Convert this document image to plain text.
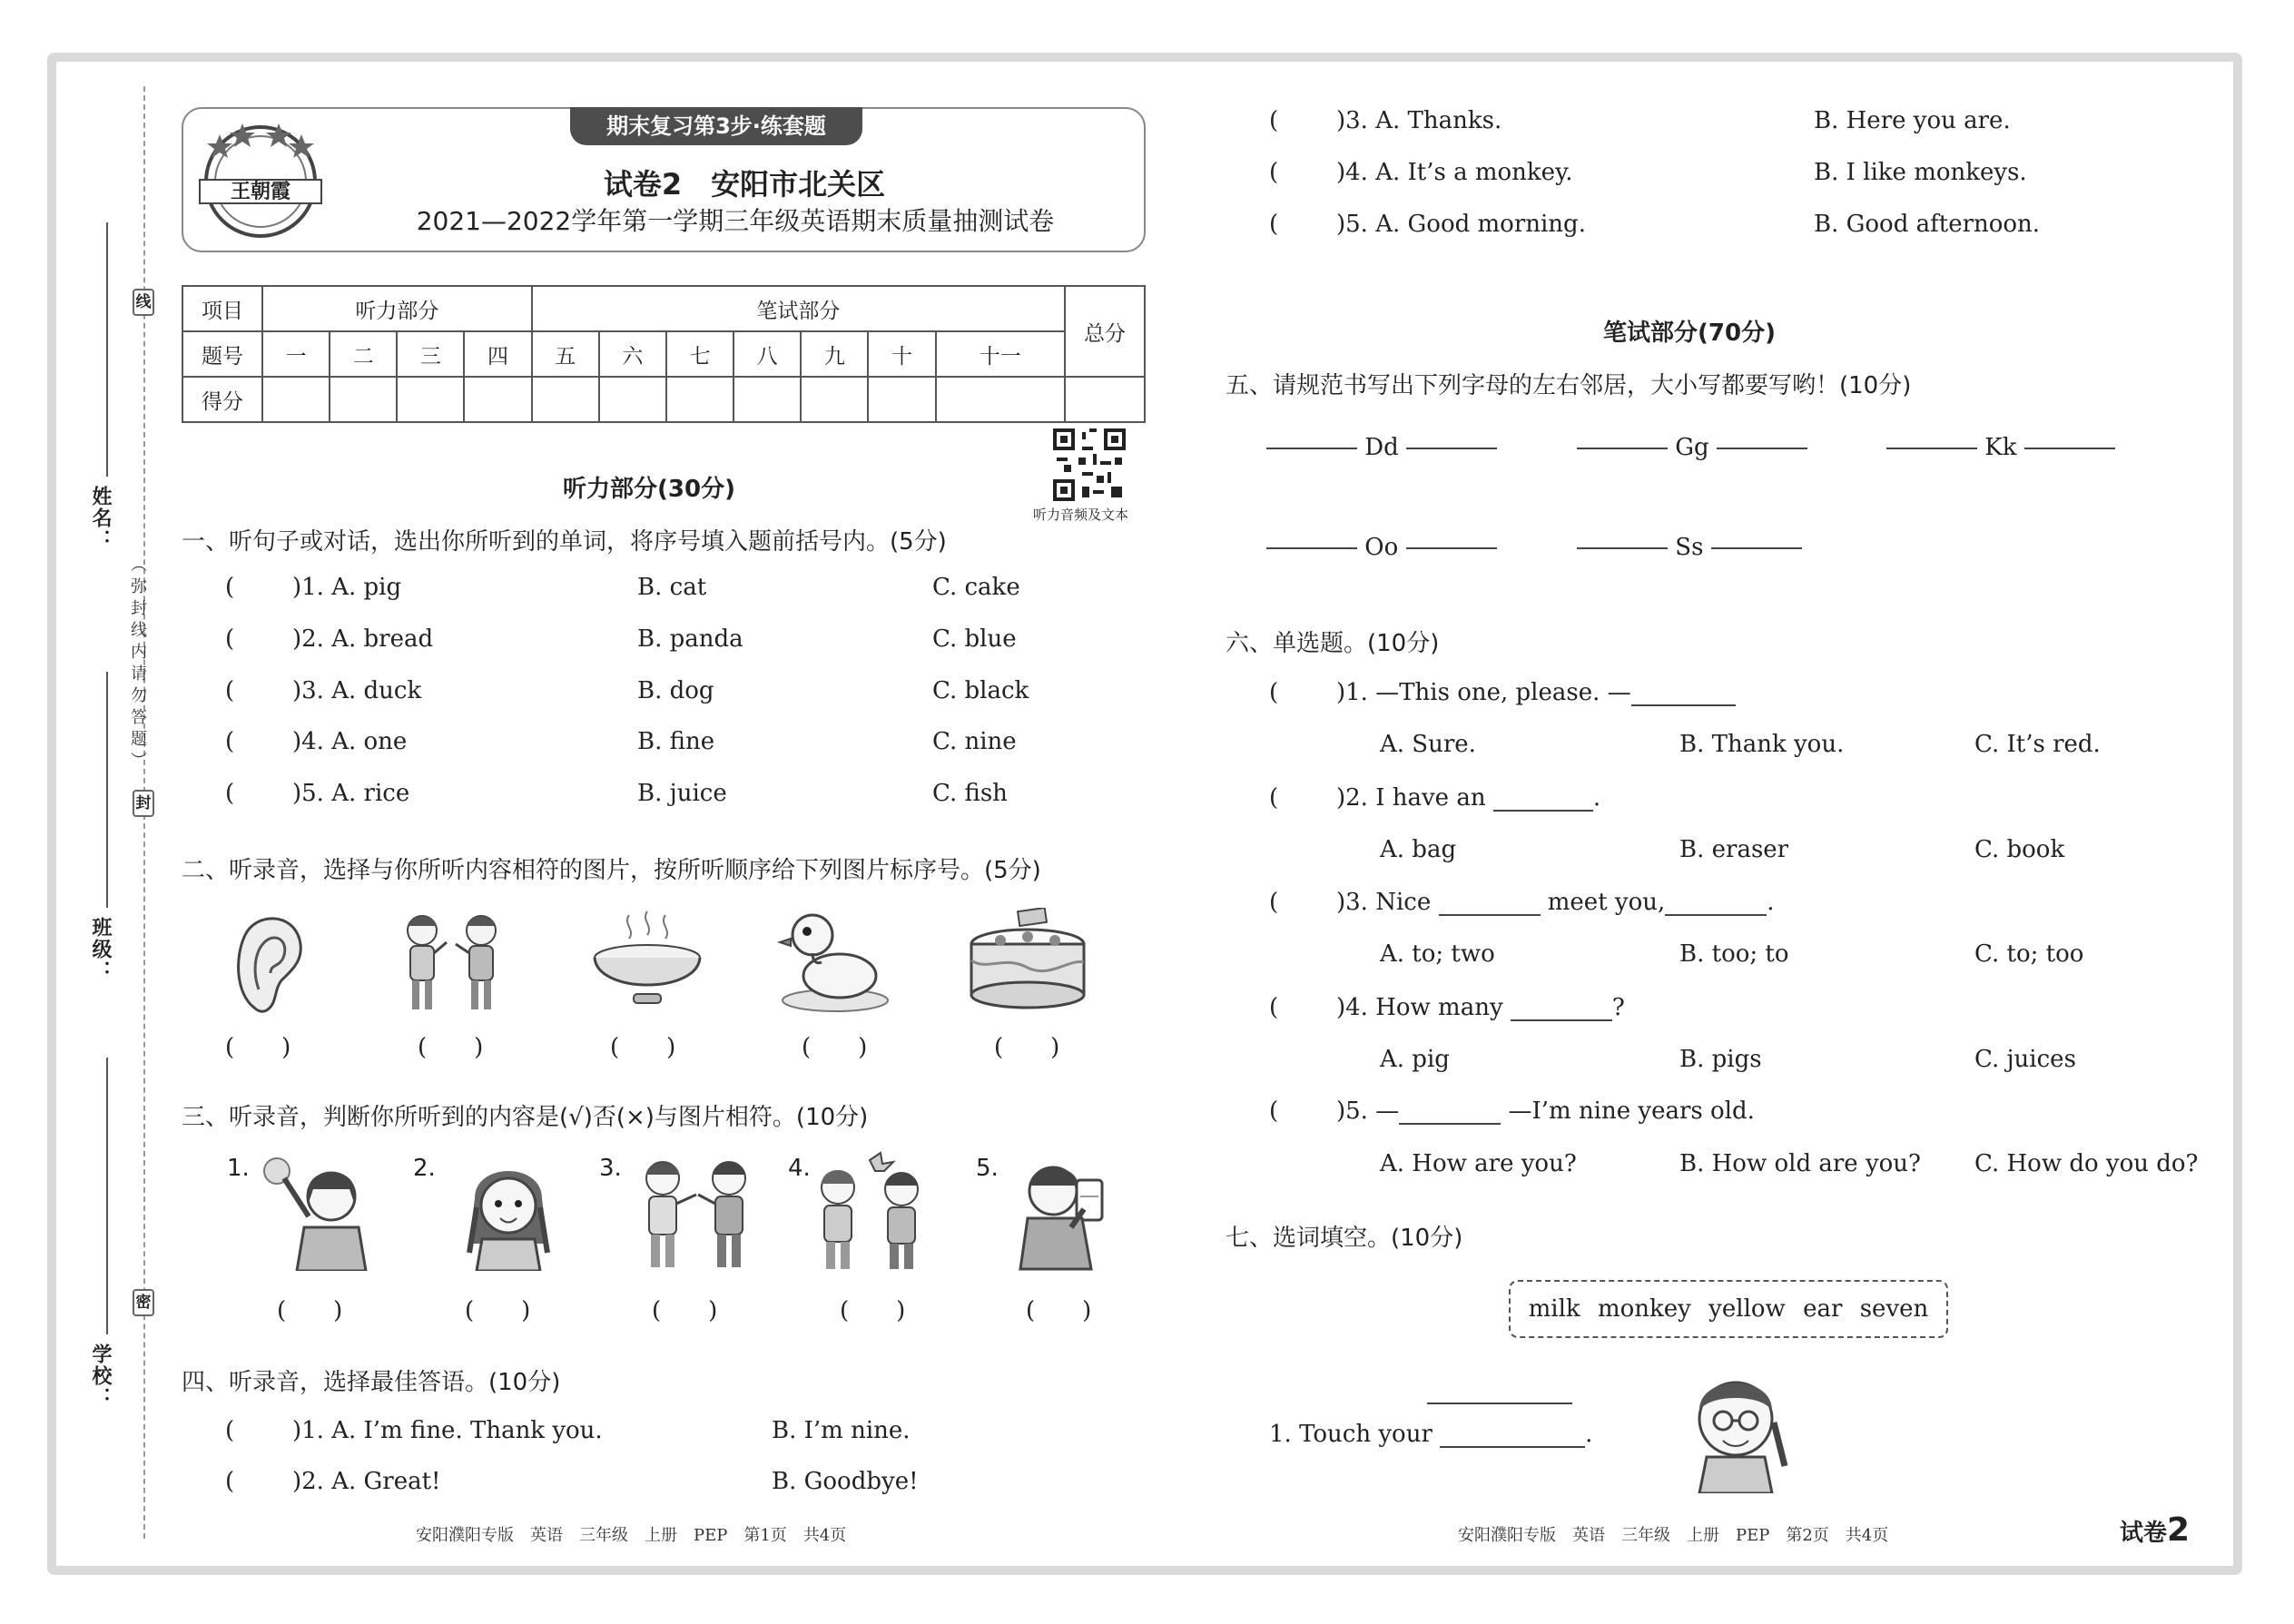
线
封
密
（弥封线内请勿答题）
姓名：
班级：
学校：
期末复习第3步·练套题
王朝霞	试卷2　安阳市北关区
2021—2022学年第一学期三年级英语期末质量抽测试卷
项目	听力部分				笔试部分							总分
题号	一	二	三	四	五	六	七	八	九	十	十一	
得分												
听力音频及文本
听力部分(30分)
一、听句子或对话，选出你所听到的单词，将序号填入题前括号内。(5分)
( )1. A. pig	B. cat	C. cake
( )2. A. bread	B. panda	C. blue
( )3. A. duck	B. dog	C. black
( )4. A. one	B. fine	C. nine
( )5. A. rice	B. juice	C. fish
二、听录音，选择与你所听内容相符的图片，按所听顺序给下列图片标序号。(5分)
(　　)	(　　)	(　　)	(　　)	(　　)
三、听录音，判断你所听到的内容是(√)否(×)与图片相符。(10分)
1.	2.	3.	4.	5.
(　　)	(　　)	(　　)	(　　)	(　　)
四、听录音，选择最佳答语。(10分)
( )1. A. I’m fine. Thank you.	B. I’m nine.
( )2. A. Great!	B. Goodbye!
安阳濮阳专版　英语　三年级　上册　PEP　第1页　共4页
( )3. A. Thanks.	B. Here you are.
( )4. A. It’s a monkey.	B. I like monkeys.
( )5. A. Good morning.	B. Good afternoon.
笔试部分(70分)
五、请规范书写出下列字母的左右邻居，大小写都要写哟！(10分)
Dd	Gg	Kk
Oo	Ss
六、单选题。(10分)
( )1. —This one, please. —
A. Sure.	B. Thank you.	C. It’s red.
( )2. I have an	.
A. bag	B. eraser	C. book
( )3. Nice	meet you,	.
A. to; two	B. too; to	C. to; too
( )4. How many	?
A. pig	B. pigs	C. juices
( )5. —	—I’m nine years old.
A. How are you?	B. How old are you? C. How do you do?
七、选词填空。(10分)
milk monkey yellow ear seven
1. Touch your	.
安阳濮阳专版　英语　三年级　上册　PEP　第2页　共4页	试卷2
